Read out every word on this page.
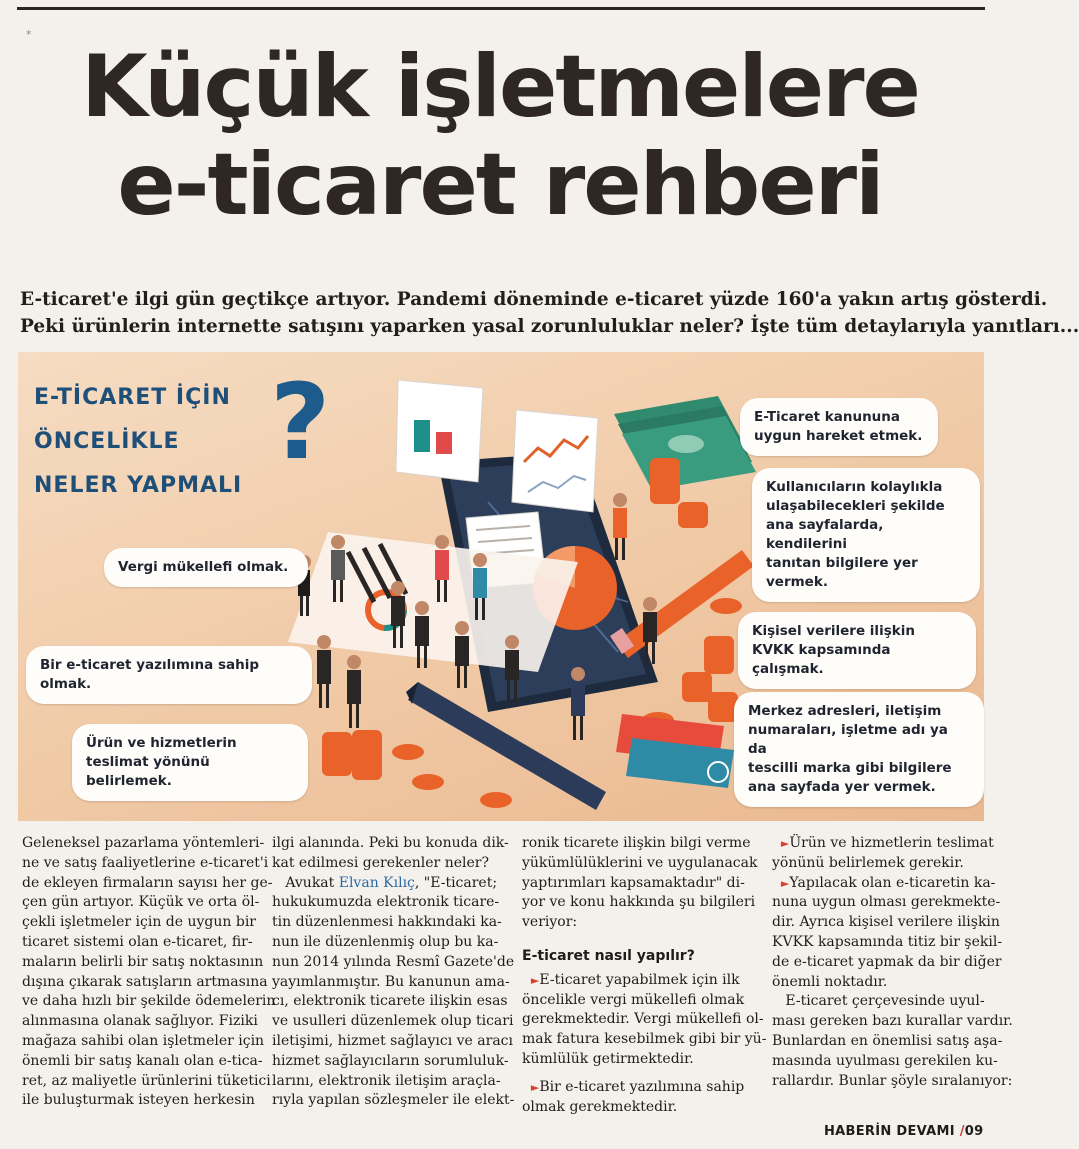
*
Küçük işletmelere
e-ticaret rehberi
E-ticaret'e ilgi gün geçtikçe artıyor. Pandemi döneminde e-ticaret yüzde 160'a yakın artış gösterdi.
Peki ürünlerin internette satışını yaparken yasal zorunluluklar neler? İşte tüm detaylarıyla yanıtları...
E-TİCARET İÇİN
ÖNCELİKLE
NELER YAPMALI
?	E-Ticaret kanununa
uygun hareket etmek.
Kullanıcıların kolaylıkla
ulaşabilecekleri şekilde
ana sayfalarda, kendilerini
tanıtan bilgilere yer
vermek.
Vergi mükellefi olmak.
Kişisel verilere ilişkin
KVKK kapsamında çalışmak.
Bir e-ticaret yazılımına sahip olmak.
Merkez adresleri, iletişim
numaraları, işletme adı ya da
tescilli marka gibi bilgilere
ana sayfada yer vermek.
Ürün ve hizmetlerin
teslimat yönünü belirlemek.
Geleneksel pazarlama yöntemleri-
ne ve satış faaliyetlerine e-ticaret'i
de ekleyen firmaların sayısı her ge-
çen gün artıyor. Küçük ve orta öl-
çekli işletmeler için de uygun bir
ticaret sistemi olan e-ticaret, fir-
maların belirli bir satış noktasının
dışına çıkarak satışların artmasına
ve daha hızlı bir şekilde ödemelerin
alınmasına olanak sağlıyor. Fiziki
mağaza sahibi olan işletmeler için
önemli bir satış kanalı olan e-tica-
ret, az maliyetle ürünlerini tüketici
ile buluşturmak isteyen herkesin
ilgi alanında. Peki bu konuda dik-
kat edilmesi gerekenler neler?
Avukat Elvan Kılıç, "E-ticaret;
hukukumuzda elektronik ticare-
tin düzenlenmesi hakkındaki ka-
nun ile düzenlenmiş olup bu ka-
nun 2014 yılında Resmî Gazete'de
yayımlanmıştır. Bu kanunun ama-
cı, elektronik ticarete ilişkin esas
ve usulleri düzenlemek olup ticari
iletişimi, hizmet sağlayıcı ve aracı
hizmet sağlayıcıların sorumluluk-
larını, elektronik iletişim araçla-
rıyla yapılan sözleşmeler ile elekt-
ronik ticarete ilişkin bilgi verme
yükümlülüklerini ve uygulanacak
yaptırımları kapsamaktadır" di-
yor ve konu hakkında şu bilgileri
veriyor:
E-ticaret nasıl yapılır?
►E-ticaret yapabilmek için ilk
öncelikle vergi mükellefi olmak
gerekmektedir. Vergi mükellefi ol-
mak fatura kesebilmek gibi bir yü-
kümlülük getirmektedir.
►Bir e-ticaret yazılımına sahip
olmak gerekmektedir.
►Ürün ve hizmetlerin teslimat
yönünü belirlemek gerekir.
►Yapılacak olan e-ticaretin ka-
nuna uygun olması gerekmekte-
dir. Ayrıca kişisel verilere ilişkin
KVKK kapsamında titiz bir şekil-
de e-ticaret yapmak da bir diğer
önemli noktadır.
E-ticaret çerçevesinde uyul-
ması gereken bazı kurallar vardır.
Bunlardan en önemlisi satış aşa-
masında uyulması gerekilen ku-
rallardır. Bunlar şöyle sıralanıyor:
HABERİN DEVAMI /09
